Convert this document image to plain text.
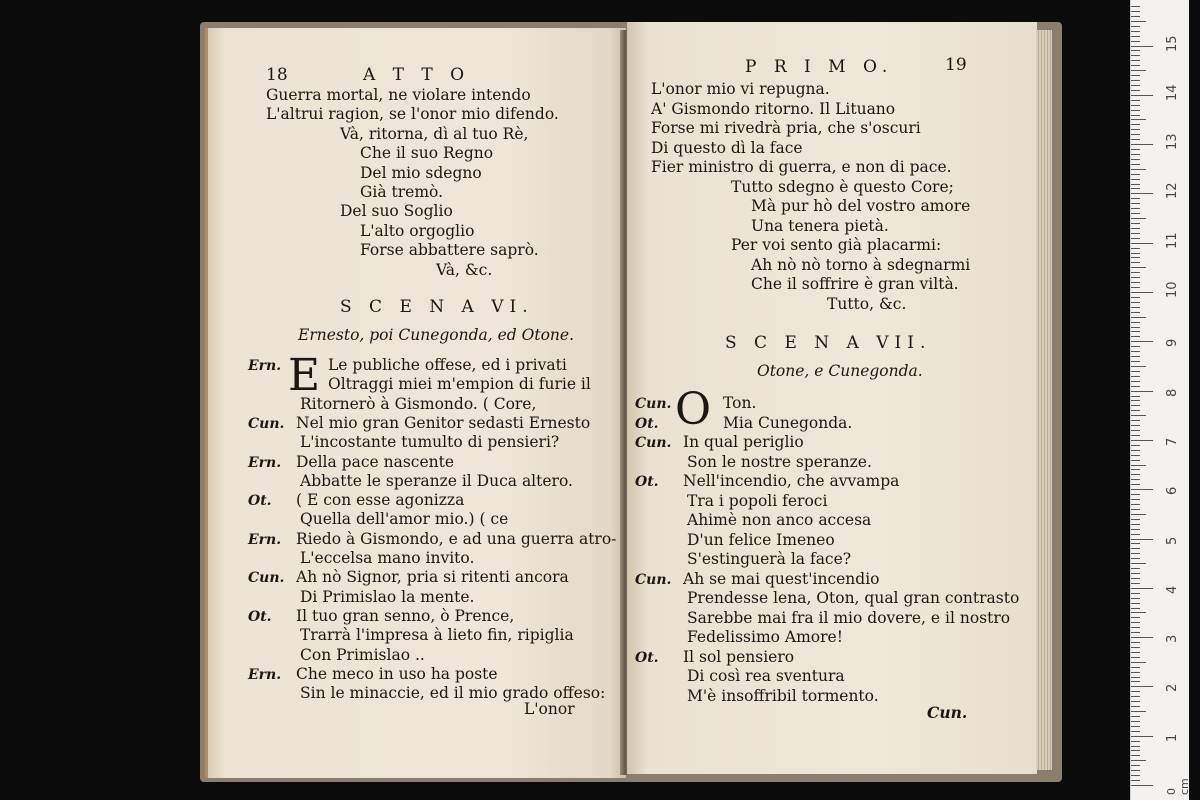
18	A T T O
Guerra mortal, ne violare intendo
L'altrui ragion, se l'onor mio difendo.
Và, ritorna, dì al tuo Rè,
Che il suo Regno
Del mio sdegno
Già tremò.
Del suo Soglio
L'alto orgoglio
Forse abbattere saprò.
Và, &c.
S C E N A VI.
Ernesto, poi Cunegonda, ed Otone.
E
Ern.	Le publiche offese, ed i privati
Oltraggi miei m'empion di furie il
Ritornerò à Gismondo. ( Core,
Cun. Nel mio gran Genitor sedasti Ernesto
L'incostante tumulto di pensieri?
Ern. Della pace nascente
Abbatte le speranze il Duca altero.
Ot. ( E con esse agonizza
Quella dell'amor mio.) ( ce
Ern. Riedo à Gismondo, e ad una guerra atro-
L'eccelsa mano invito.
Cun. Ah nò Signor, pria si ritenti ancora
Di Primislao la mente.
Ot. Il tuo gran senno, ò Prence,
Trarrà l'impresa à lieto fin, ripiglia
Con Primislao ..
Ern. Che meco in uso ha poste
Sin le minaccie, ed il mio grado offeso:
L'onor
P R I M O.	19
L'onor mio vi repugna.
A' Gismondo ritorno. Il Lituano
Forse mi rivedrà pria, che s'oscuri
Di questo dì la face
Fier ministro di guerra, e non di pace.
Tutto sdegno è questo Core;
Mà pur hò del vostro amore
Una tenera pietà.
Per voi sento già placarmi:
Ah nò nò torno à sdegnarmi
Che il soffrire è gran viltà.
Tutto, &c.
S C E N A VII.
Otone, e Cunegonda.
O
Cun.	Ton.
Ot.	Mia Cunegonda.
Cun. In qual periglio
Son le nostre speranze.
Ot. Nell'incendio, che avvampa
Tra i popoli feroci
Ahimè non anco accesa
D'un felice Imeneo
S'estinguerà la face?
Cun. Ah se mai quest'incendio
Prendesse lena, Oton, qual gran contrasto
Sarebbe mai fra il mio dovere, e il nostro
Fedelissimo Amore!
Ot. Il sol pensiero
Di così rea sventura
M'è insoffribil tormento.
Cun.
0 cm
1
2
3
4
5
6
7
8
9
10
11
12
13
14
15
